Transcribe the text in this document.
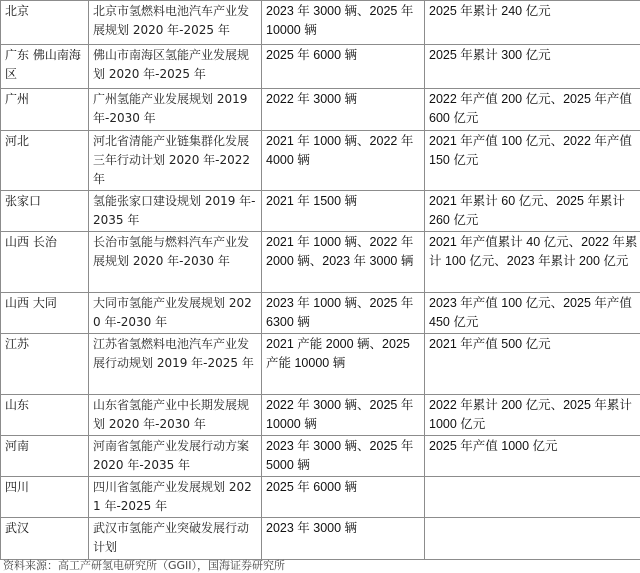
北京	北京市氢燃料电池汽车产业发展规划 2020 年-2025 年	2023 年 3000 辆、2025 年 10000 辆	2025 年累计 240 亿元

广东 佛山南海区	佛山市南海区氢能产业发展规划 2020 年-2025 年	2025 年 6000 辆	2025 年累计 300 亿元

广州	广州氢能产业发展规划 2019 年-2030 年	2022 年 3000 辆	2022 年产值 200 亿元、2025 年产值
600 亿元

河北	河北省清能产业链集群化发展三年行动计划 2020 年-2022 年	2021 年 1000 辆、2022 年 4000 辆	2021 年产值 100 亿元、2022 年产值
150 亿元

张家口	氢能张家口建设规划 2019 年-2035 年	2021 年 1500 辆	2021 年累计 60 亿元、2025 年累计
260 亿元

山西 长治	长治市氢能与燃料汽车产业发展规划 2020 年-2030 年	2021 年 1000 辆、2022 年 2000 辆、2023 年 3000 辆	2021 年产值累计 40 亿元、2022 年累
计 100 亿元、2023 年累计 200 亿元

山西 大同	大同市氢能产业发展规划 2020 年-2030 年	2023 年 1000 辆、2025 年 6300 辆	2023 年产值 100 亿元、2025 年产值
450 亿元

江苏	江苏省氢燃料电池汽车产业发展行动规划 2019 年-2025 年	2021 产能 2000 辆、2025 产能 10000 辆	2021 年产值 500 亿元

山东	山东省氢能产业中长期发展规划 2020 年-2030 年	2022 年 3000 辆、2025 年 10000 辆	2022 年累计 200 亿元、2025 年累计
1000 亿元

河南	河南省氢能产业发展行动方案 2020 年-2035 年	2023 年 3000 辆、2025 年 5000 辆	2025 年产值 1000 亿元

四川	四川省氢能产业发展规划 2021 年-2025 年	2025 年 6000 辆	
武汉	武汉市氢能产业突破发展行动计划	2023 年 3000 辆	
资料来源：高工产研氢电研究所（GGII），国海证券研究所
